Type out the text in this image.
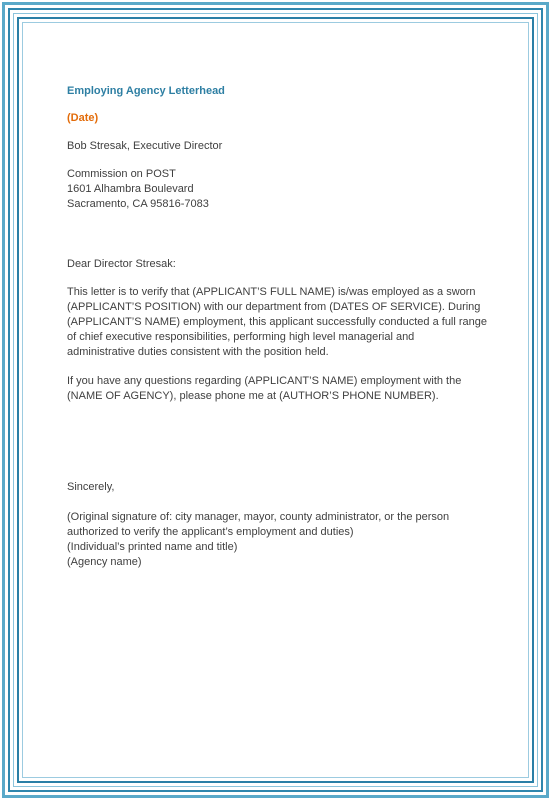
Employing Agency Letterhead

(Date)

Bob Stresak, Executive Director

Commission on POST
1601 Alhambra Boulevard
Sacramento, CA 95816-7083

Dear Director Stresak:

This letter is to verify that (APPLICANT’S FULL NAME) is/was employed as a sworn
(APPLICANT’S POSITION) with our department from (DATES OF SERVICE). During
(APPLICANT’S NAME) employment, this applicant successfully conducted a full range
of chief executive responsibilities, performing high level managerial and
administrative duties consistent with the position held.
If you have any questions regarding (APPLICANT’S NAME) employment with the
(NAME OF AGENCY), please phone me at (AUTHOR’S PHONE NUMBER).

Sincerely,

(Original signature of: city manager, mayor, county administrator, or the person
authorized to verify the applicant’s employment and duties)
(Individual’s printed name and title)
(Agency name)
